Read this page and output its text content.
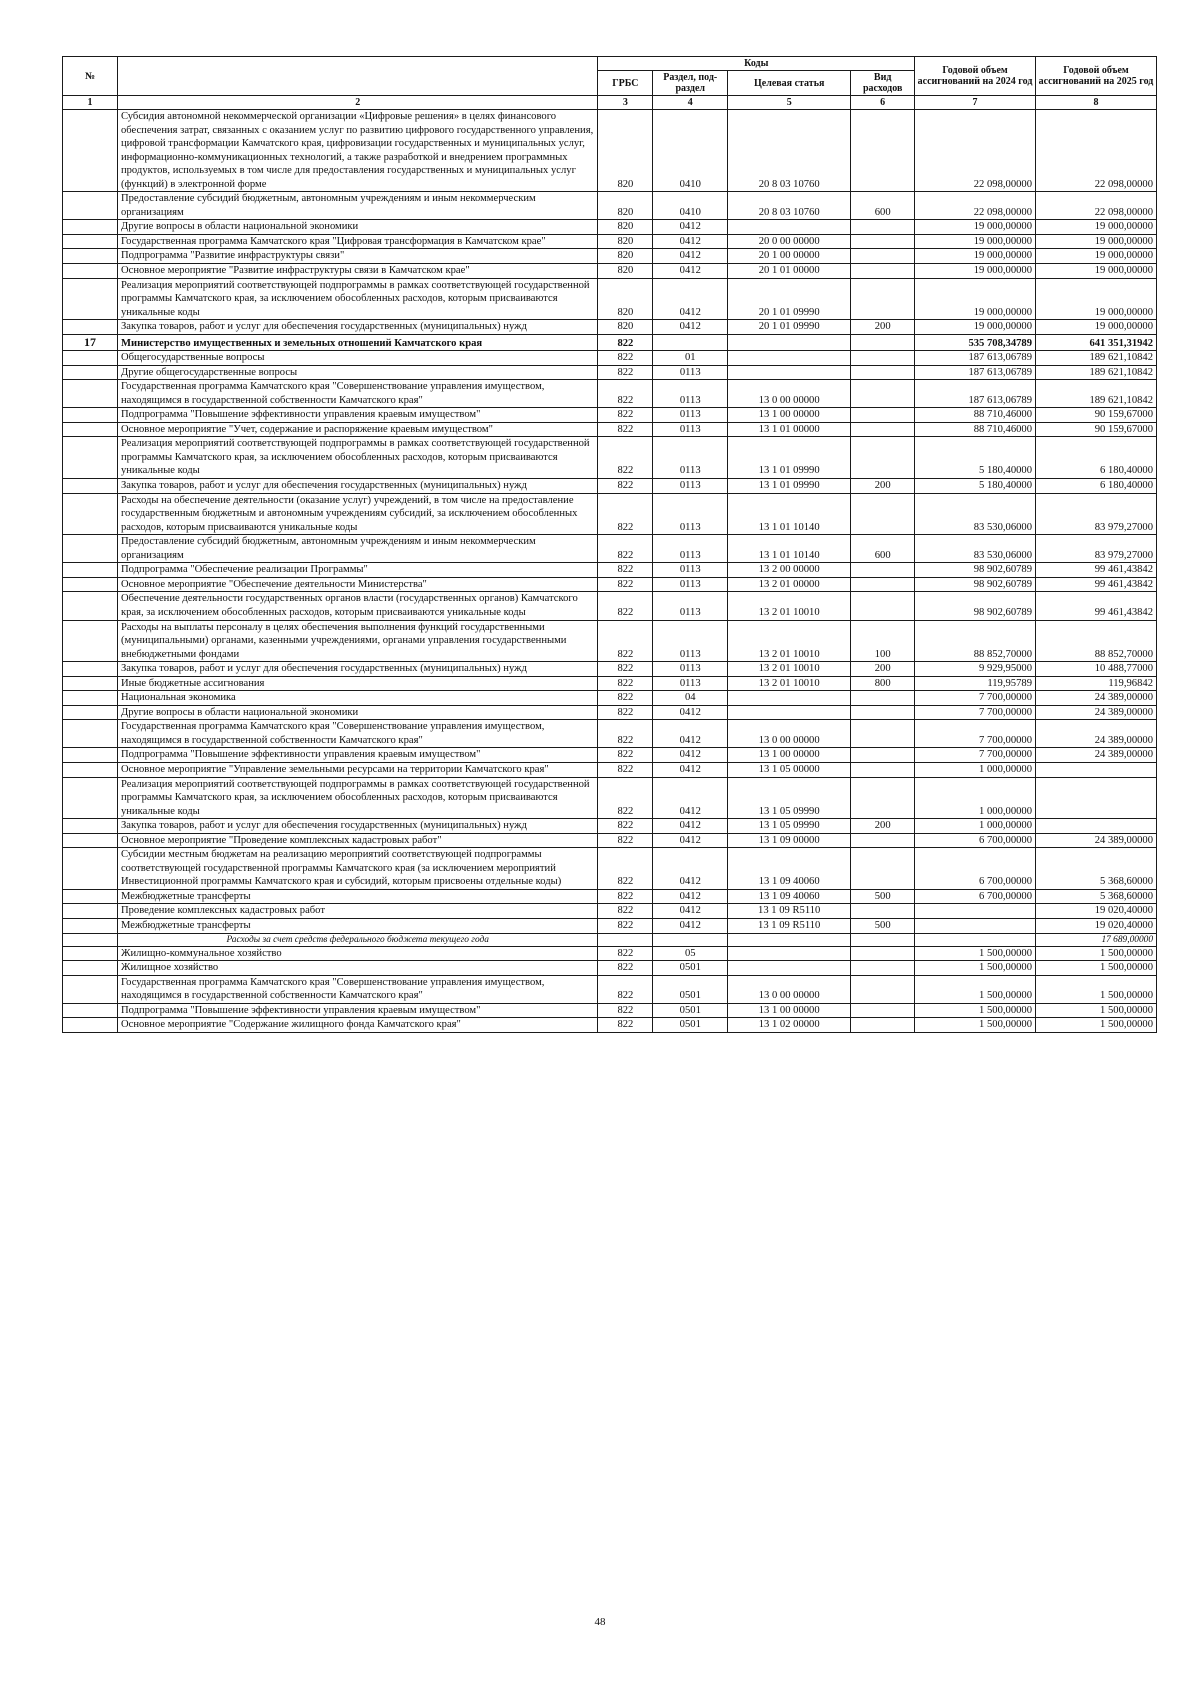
№		Коды				Годовой объем ассигнований на 2024 год	Годовой объем ассигнований на 2025 год
		ГРБС	Раздел, под-раздел	Целевая статья	Вид расходов		
1	2	3	4	5	6	7	8
	Субсидия автономной некоммерческой организации «Цифровые решения» в целях финансового обеспечения затрат, связанных с оказанием услуг по развитию цифрового государственного управления, цифровой трансформации Камчатского края, цифровизации государственных и муниципальных услуг, информационно-коммуникационных технологий, а также разработкой и внедрением программных продуктов, используемых в том числе для предоставления государственных и муниципальных услуг (функций) в электронной форме	820	0410	20 8 03 10760		22 098,00000	22 098,00000
	Предоставление субсидий бюджетным, автономным учреждениям и иным некоммерческим организациям	820	0410	20 8 03 10760	600	22 098,00000	22 098,00000
	Другие вопросы в области национальной экономики	820	0412			19 000,00000	19 000,00000
	Государственная программа Камчатского края "Цифровая трансформация в Камчатском крае"	820	0412	20 0 00 00000		19 000,00000	19 000,00000
	Подпрограмма "Развитие инфраструктуры связи"	820	0412	20 1 00 00000		19 000,00000	19 000,00000
	Основное мероприятие "Развитие инфраструктуры связи в Камчатском крае"	820	0412	20 1 01 00000		19 000,00000	19 000,00000
	Реализация мероприятий соответствующей подпрограммы в рамках соответствующей государственной программы Камчатского края, за исключением обособленных расходов, которым присваиваются уникальные коды	820	0412	20 1 01 09990		19 000,00000	19 000,00000
	Закупка товаров, работ и услуг для обеспечения государственных (муниципальных) нужд	820	0412	20 1 01 09990	200	19 000,00000	19 000,00000
17	Министерство имущественных и земельных отношений Камчатского края	822				535 708,34789	641 351,31942
	Общегосударственные вопросы	822	01			187 613,06789	189 621,10842
	Другие общегосударственные вопросы	822	0113			187 613,06789	189 621,10842
	Государственная программа Камчатского края "Совершенствование управления имуществом, находящимся в государственной собственности Камчатского края"	822	0113	13 0 00 00000		187 613,06789	189 621,10842
	Подпрограмма "Повышение эффективности управления краевым имуществом"	822	0113	13 1 00 00000		88 710,46000	90 159,67000
	Основное мероприятие "Учет, содержание и распоряжение краевым имуществом"	822	0113	13 1 01 00000		88 710,46000	90 159,67000
	Реализация мероприятий соответствующей подпрограммы в рамках соответствующей государственной программы Камчатского края, за исключением обособленных расходов, которым присваиваются уникальные коды	822	0113	13 1 01 09990		5 180,40000	6 180,40000
	Закупка товаров, работ и услуг для обеспечения государственных (муниципальных) нужд	822	0113	13 1 01 09990	200	5 180,40000	6 180,40000
	Расходы на обеспечение деятельности (оказание услуг) учреждений, в том числе на предоставление государственным бюджетным и автономным учреждениям субсидий, за исключением обособленных расходов, которым присваиваются уникальные коды	822	0113	13 1 01 10140		83 530,06000	83 979,27000
	Предоставление субсидий бюджетным, автономным учреждениям и иным некоммерческим организациям	822	0113	13 1 01 10140	600	83 530,06000	83 979,27000
	Подпрограмма "Обеспечение реализации Программы"	822	0113	13 2 00 00000		98 902,60789	99 461,43842
	Основное мероприятие "Обеспечение деятельности Министерства"	822	0113	13 2 01 00000		98 902,60789	99 461,43842
	Обеспечение деятельности государственных органов власти (государственных органов) Камчатского края, за исключением обособленных расходов, которым присваиваются уникальные коды	822	0113	13 2 01 10010		98 902,60789	99 461,43842
	Расходы на выплаты персоналу в целях обеспечения выполнения функций государственными (муниципальными) органами, казенными учреждениями, органами управления государственными внебюджетными фондами	822	0113	13 2 01 10010	100	88 852,70000	88 852,70000
	Закупка товаров, работ и услуг для обеспечения государственных (муниципальных) нужд	822	0113	13 2 01 10010	200	9 929,95000	10 488,77000
	Иные бюджетные ассигнования	822	0113	13 2 01 10010	800	119,95789	119,96842
	Национальная экономика	822	04			7 700,00000	24 389,00000
	Другие вопросы в области национальной экономики	822	0412			7 700,00000	24 389,00000
	Государственная программа Камчатского края "Совершенствование управления имуществом, находящимся в государственной собственности Камчатского края"	822	0412	13 0 00 00000		7 700,00000	24 389,00000
	Подпрограмма "Повышение эффективности управления краевым имуществом"	822	0412	13 1 00 00000		7 700,00000	24 389,00000
	Основное мероприятие "Управление земельными ресурсами на территории Камчатского края"	822	0412	13 1 05 00000		1 000,00000	
	Реализация мероприятий соответствующей подпрограммы в рамках соответствующей государственной программы Камчатского края, за исключением обособленных расходов, которым присваиваются уникальные коды	822	0412	13 1 05 09990		1 000,00000	
	Закупка товаров, работ и услуг для обеспечения государственных (муниципальных) нужд	822	0412	13 1 05 09990	200	1 000,00000	
	Основное мероприятие "Проведение комплексных кадастровых работ"	822	0412	13 1 09 00000		6 700,00000	24 389,00000
	Субсидии местным бюджетам на реализацию мероприятий соответствующей подпрограммы соответствующей государственной программы Камчатского края (за исключением мероприятий Инвестиционной программы Камчатского края и субсидий, которым присвоены отдельные коды)	822	0412	13 1 09 40060		6 700,00000	5 368,60000
	Межбюджетные трансферты	822	0412	13 1 09 40060	500	6 700,00000	5 368,60000
	Проведение комплексных кадастровых работ	822	0412	13 1 09 R5110			19 020,40000
	Межбюджетные трансферты	822	0412	13 1 09 R5110	500		19 020,40000
	Расходы за счет средств федерального бюджета текущего года						17 689,00000
	Жилищно-коммунальное хозяйство	822	05			1 500,00000	1 500,00000
	Жилищное хозяйство	822	0501			1 500,00000	1 500,00000
	Государственная программа Камчатского края "Совершенствование управления имуществом, находящимся в государственной собственности Камчатского края"	822	0501	13 0 00 00000		1 500,00000	1 500,00000
	Подпрограмма "Повышение эффективности управления краевым имуществом"	822	0501	13 1 00 00000		1 500,00000	1 500,00000
	Основное мероприятие "Содержание жилищного фонда Камчатского края"	822	0501	13 1 02 00000		1 500,00000	1 500,00000
48
